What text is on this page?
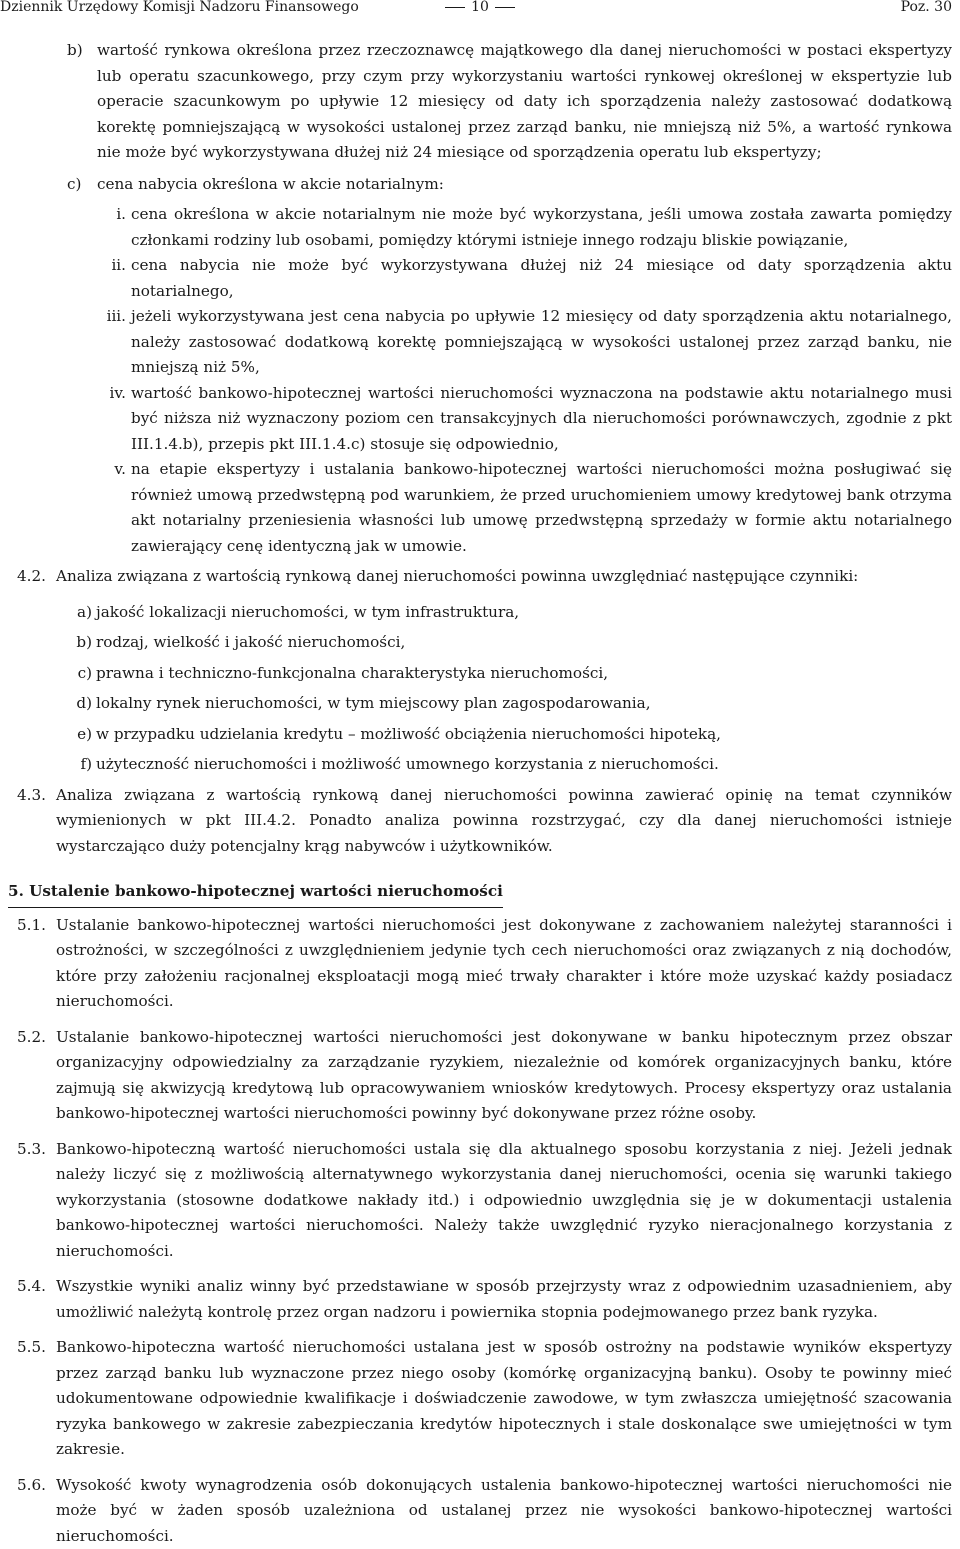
Dziennik Urzędowy Komisji Nadzoru Finansowego	10	Poz. 30

b) wartość rynkowa określona przez rzeczoznawcę majątkowego dla danej nieruchomości w postaci ekspertyzy lub operatu szacunkowego, przy czym przy wykorzystaniu wartości rynkowej określonej w ekspertyzie lub operacie szacunkowym po upływie 12 miesięcy od daty ich sporządzenia należy zastosować dodatkową korektę pomniejszającą w wysokości ustalonej przez zarząd banku, nie mniejszą niż 5%, a wartość rynkowa nie może być wykorzystywana dłużej niż 24 miesiące od sporządzenia operatu lub ekspertyzy;

c) cena nabycia określona w akcie notarialnym:

i. cena określona w akcie notarialnym nie może być wykorzystana, jeśli umowa została zawarta pomiędzy członkami rodziny lub osobami, pomiędzy którymi istnieje innego rodzaju bliskie powiązanie,

ii. cena nabycia nie może być wykorzystywana dłużej niż 24 miesiące od daty sporządzenia aktu notarialnego,

iii. jeżeli wykorzystywana jest cena nabycia po upływie 12 miesięcy od daty sporządzenia aktu notarialnego, należy zastosować dodatkową korektę pomniejszającą w wysokości ustalonej przez zarząd banku, nie mniejszą niż 5%,

iv. wartość bankowo-hipotecznej wartości nieruchomości wyznaczona na podstawie aktu notarialnego musi być niższa niż wyznaczony poziom cen transakcyjnych dla nieruchomości porównawczych, zgodnie z pkt III.1.4.b), przepis pkt III.1.4.c) stosuje się odpowiednio,

v. na etapie ekspertyzy i ustalania bankowo-hipotecznej wartości nieruchomości można posługiwać się również umową przedwstępną pod warunkiem, że przed uruchomieniem umowy kredytowej bank otrzyma akt notarialny przeniesienia własności lub umowę przedwstępną sprzedaży w formie aktu notarialnego zawierający cenę identyczną jak w umowie.

4.2. Analiza związana z wartością rynkową danej nieruchomości powinna uwzględniać następujące czynniki:

a) jakość lokalizacji nieruchomości, w tym infrastruktura,

b) rodzaj, wielkość i jakość nieruchomości,

c) prawna i techniczno-funkcjonalna charakterystyka nieruchomości,

d) lokalny rynek nieruchomości, w tym miejscowy plan zagospodarowania,

e) w przypadku udzielania kredytu – możliwość obciążenia nieruchomości hipoteką,

f) użyteczność nieruchomości i możliwość umownego korzystania z nieruchomości.

4.3. Analiza związana z wartością rynkową danej nieruchomości powinna zawierać opinię na temat czynników wymienionych w pkt III.4.2. Ponadto analiza powinna rozstrzygać, czy dla danej nieruchomości istnieje wystarczająco duży potencjalny krąg nabywców i użytkowników.

5. Ustalenie bankowo-hipotecznej wartości nieruchomości

5.1. Ustalanie bankowo-hipotecznej wartości nieruchomości jest dokonywane z zachowaniem należytej staranności i ostrożności, w szczególności z uwzględnieniem jedynie tych cech nieruchomości oraz związanych z nią dochodów, które przy założeniu racjonalnej eksploatacji mogą mieć trwały charakter i które może uzyskać każdy posiadacz nieruchomości.

5.2. Ustalanie bankowo-hipotecznej wartości nieruchomości jest dokonywane w banku hipotecznym przez obszar organizacyjny odpowiedzialny za zarządzanie ryzykiem, niezależnie od komórek organizacyjnych banku, które zajmują się akwizycją kredytową lub opracowywaniem wniosków kredytowych. Procesy ekspertyzy oraz ustalania bankowo-hipotecznej wartości nieruchomości powinny być dokonywane przez różne osoby.

5.3. Bankowo-hipoteczną wartość nieruchomości ustala się dla aktualnego sposobu korzystania z niej. Jeżeli jednak należy liczyć się z możliwością alternatywnego wykorzystania danej nieruchomości, ocenia się warunki takiego wykorzystania (stosowne dodatkowe nakłady itd.) i odpowiednio uwzględnia się je w dokumentacji ustalenia bankowo-hipotecznej wartości nieruchomości. Należy także uwzględnić ryzyko nieracjonalnego korzystania z nieruchomości.

5.4. Wszystkie wyniki analiz winny być przedstawiane w sposób przejrzysty wraz z odpowiednim uzasadnieniem, aby umożliwić należytą kontrolę przez organ nadzoru i powiernika stopnia podejmowanego przez bank ryzyka.

5.5. Bankowo-hipoteczna wartość nieruchomości ustalana jest w sposób ostrożny na podstawie wyników ekspertyzy przez zarząd banku lub wyznaczone przez niego osoby (komórkę organizacyjną banku). Osoby te powinny mieć udokumentowane odpowiednie kwalifikacje i doświadczenie zawodowe, w tym zwłaszcza umiejętność szacowania ryzyka bankowego w zakresie zabezpieczania kredytów hipotecznych i stale doskonalące swe umiejętności w tym zakresie.

5.6. Wysokość kwoty wynagrodzenia osób dokonujących ustalenia bankowo-hipotecznej wartości nieruchomości nie może być w żaden sposób uzależniona od ustalanej przez nie wysokości bankowo-hipotecznej wartości nieruchomości.
